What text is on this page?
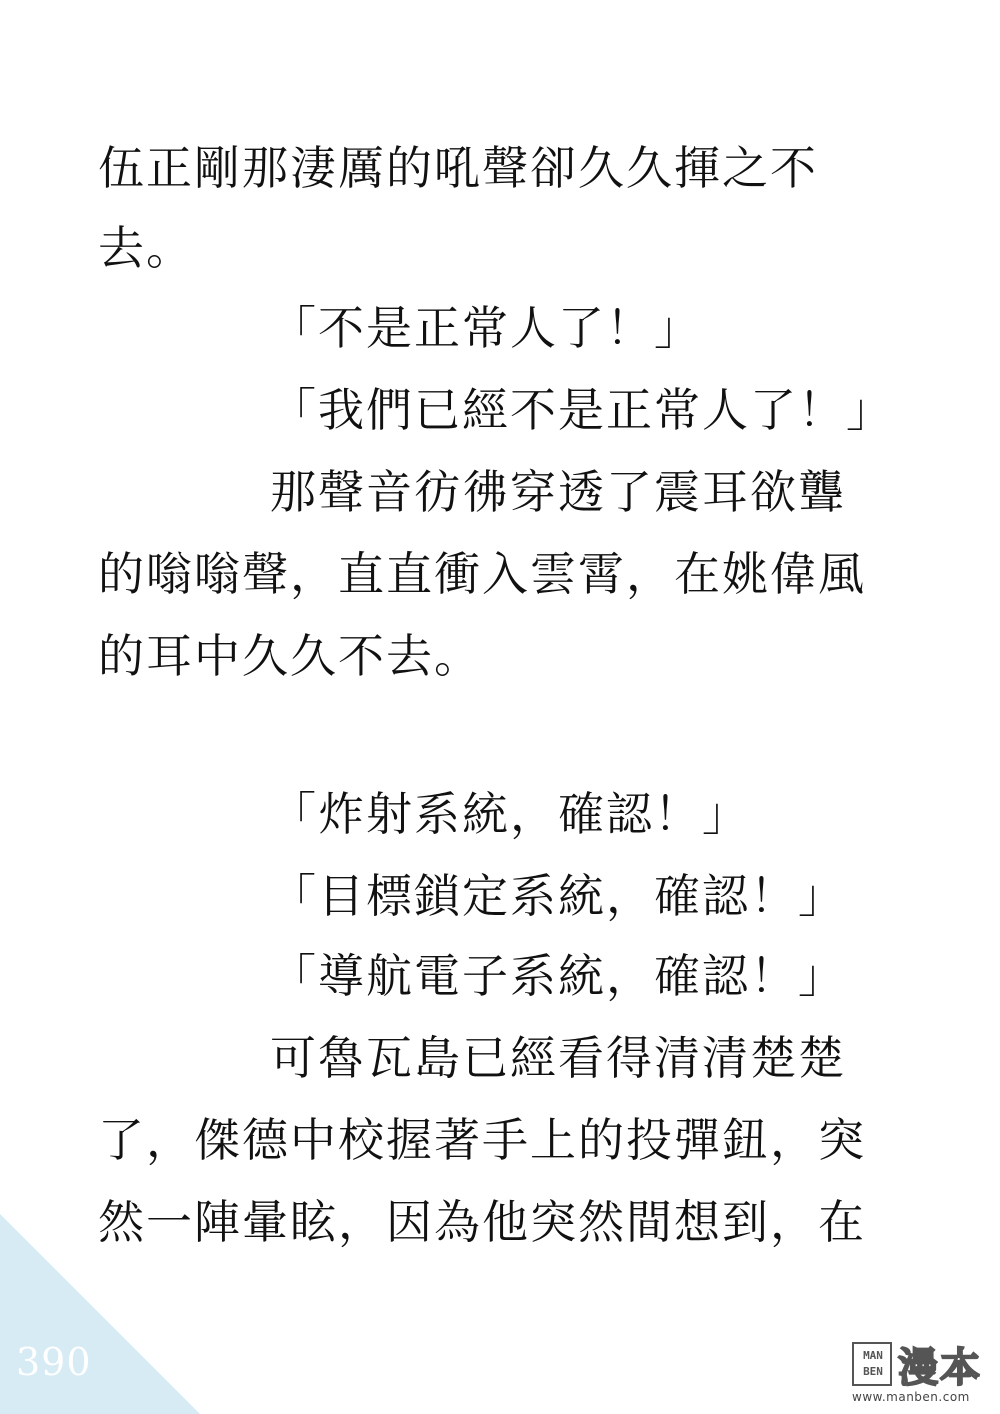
伍正剛那淒厲的吼聲卻久久揮之不
去。
「不是正常人了！」
「我們已經不是正常人了！」
那聲音彷彿穿透了震耳欲聾
的嗡嗡聲，直直衝入雲霄，在姚偉風
的耳中久久不去。
「炸射系統，確認！」
「目標鎖定系統，確認！」
「導航電子系統，確認！」
可魯瓦島已經看得清清楚楚
了，傑德中校握著手上的投彈鈕，突
然一陣暈眩，因為他突然間想到，在
390	MAN BEN 漫本
www.manben.com
